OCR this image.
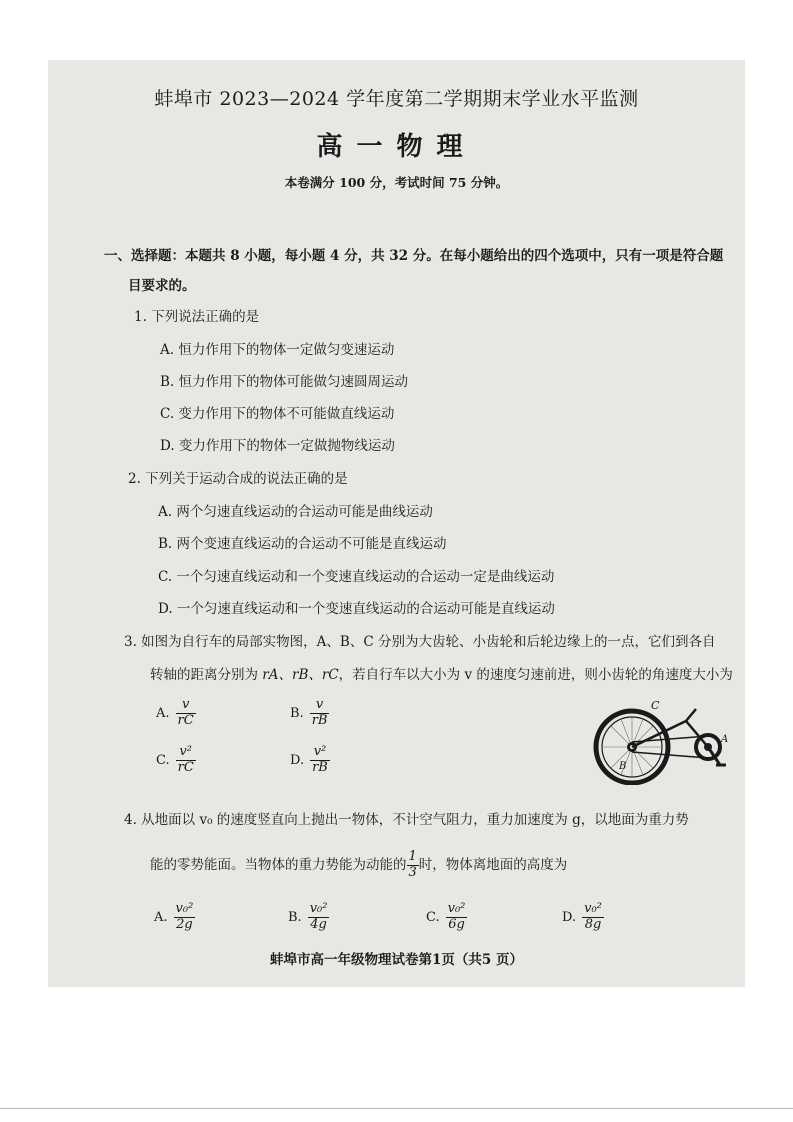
蚌埠市 2023—2024 学年度第二学期期末学业水平监测
高一物理
本卷满分 100 分，考试时间 75 分钟。
一、选择题：本题共 8 小题，每小题 4 分，共 32 分。在每小题给出的四个选项中，只有一项是符合题
目要求的。
1. 下列说法正确的是
A. 恒力作用下的物体一定做匀变速运动
B. 恒力作用下的物体可能做匀速圆周运动
C. 变力作用下的物体不可能做直线运动
D. 变力作用下的物体一定做抛物线运动
2. 下列关于运动合成的说法正确的是
A. 两个匀速直线运动的合运动可能是曲线运动
B. 两个变速直线运动的合运动不可能是直线运动
C. 一个匀速直线运动和一个变速直线运动的合运动一定是曲线运动
D. 一个匀速直线运动和一个变速直线运动的合运动可能是直线运动
3. 如图为自行车的局部实物图，A、B、C 分别为大齿轮、小齿轮和后轮边缘上的一点，它们到各自
转轴的距离分别为 rA、rB、rC，若自行车以大小为 v 的速度匀速前进，则小齿轮的角速度大小为
A. $\frac{v}{rC}$	B. $\frac{v}{rB}$
C. $\frac{\text{v²}}{rC}$	D. $\frac{\text{v²}}{rB}$
C
A
B
4. 从地面以 v₀ 的速度竖直向上抛出一物体，不计空气阻力，重力加速度为 g，以地面为重力势
能的零势能面。当物体的重力势能为动能的 $\frac{1}{3}$ 时，物体离地面的高度为
A. $\frac{\text{v₀²}}{2g}$	B. $\frac{\text{v₀²}}{4g}$	C. $\frac{\text{v₀²}}{6g}$	D. $\frac{\text{v₀²}}{8g}$
蚌埠市高一年级物理试卷第1页（共5 页）
